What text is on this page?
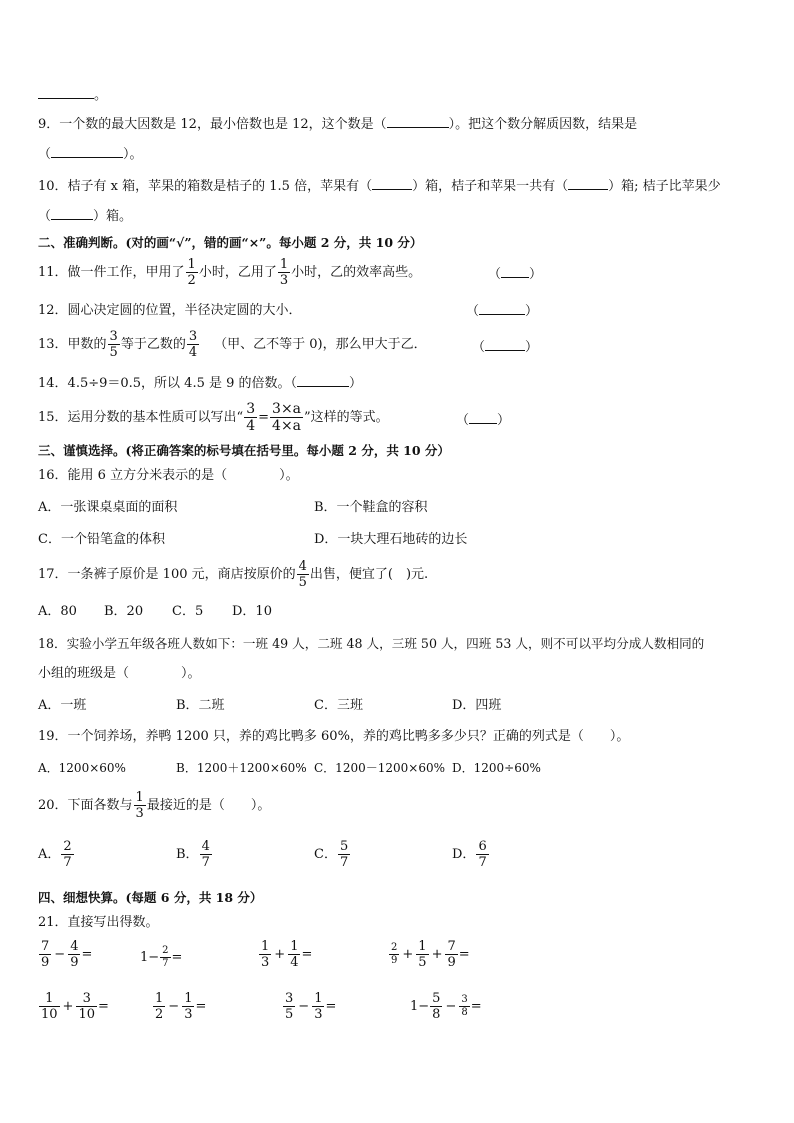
。
9．一个数的最大因数是 12，最小倍数也是 12，这个数是（	）。把这个数分解质因数，结果是
（	）。
10．桔子有 x 箱，苹果的箱数是桔子的 1.5 倍，苹果有（	）箱，桔子和苹果一共有（	）箱; 桔子比苹果少
（	）箱。
二、准确判断。(对的画“√”，错的画“×”。每小题 2 分，共 10 分）
11．做一件工作，甲用了 $\frac{1}{2}$ 小时，乙用了 $\frac{1}{3}$ 小时，乙的效率高些。	（ ）
12．圆心决定圆的位置，半径决定圆的大小．	（	）
13．甲数的 $\frac{3}{5}$ 等于乙数的 $\frac{3}{4}$ （甲、乙不等于 0)，那么甲大于乙．	（	）
14．4.5÷9＝0.5，所以 4.5 是 9 的倍数。（	）
15．运用分数的基本性质可以写出“ $\frac{3}{4} = \frac{3\times a}{4\times a}$ ”这样的等式。	（ ）
三、谨慎选择。(将正确答案的标号填在括号里。每小题 2 分，共 10 分）
16．能用 6 立方分米表示的是（　　　　）。
A．一张课桌桌面的面积	B．一个鞋盒的容积
C．一个铅笔盒的体积	D．一块大理石地砖的边长
17．一条裤子原价是 100 元，商店按原价的 $\frac{4}{5}$ 出售，便宜了(　)元.
A．80 B．20 C．5 D．10
18．实验小学五年级各班人数如下：一班 49 人，二班 48 人，三班 50 人，四班 53 人，则不可以平均分成人数相同的
小组的班级是（　　　　）。
A．一班	B．二班	C．三班	D．四班
19．一个饲养场，养鸭 1200 只，养的鸡比鸭多 60%，养的鸡比鸭多多少只？正确的列式是（　　）。
A．1200×60%	B．1200＋1200×60% C．1200－1200×60% D．1200÷60%
20．下面各数与 $\frac{1}{3}$ 最接近的是（　　）。
A． $\frac{2}{7}$	B． $\frac{4}{7}$	C． $\frac{5}{7}$	D． $\frac{6}{7}$
四、细想快算。(每题 6 分，共 18 分）
21．直接写出得数。
$\frac{7}{9} - \frac{4}{9}$ =	$1- \frac{2}{7}$ =	$\frac{1}{3} + \frac{1}{4}$ =	$\frac{2}{9} + \frac{1}{5} + \frac{7}{9}$ =
$\frac{1}{10} + \frac{3}{10}$ =	$\frac{1}{2} - \frac{1}{3}$ =	$\frac{3}{5} - \frac{1}{3}$ =	$1- \frac{5}{8} - \frac{3}{8}$ =
